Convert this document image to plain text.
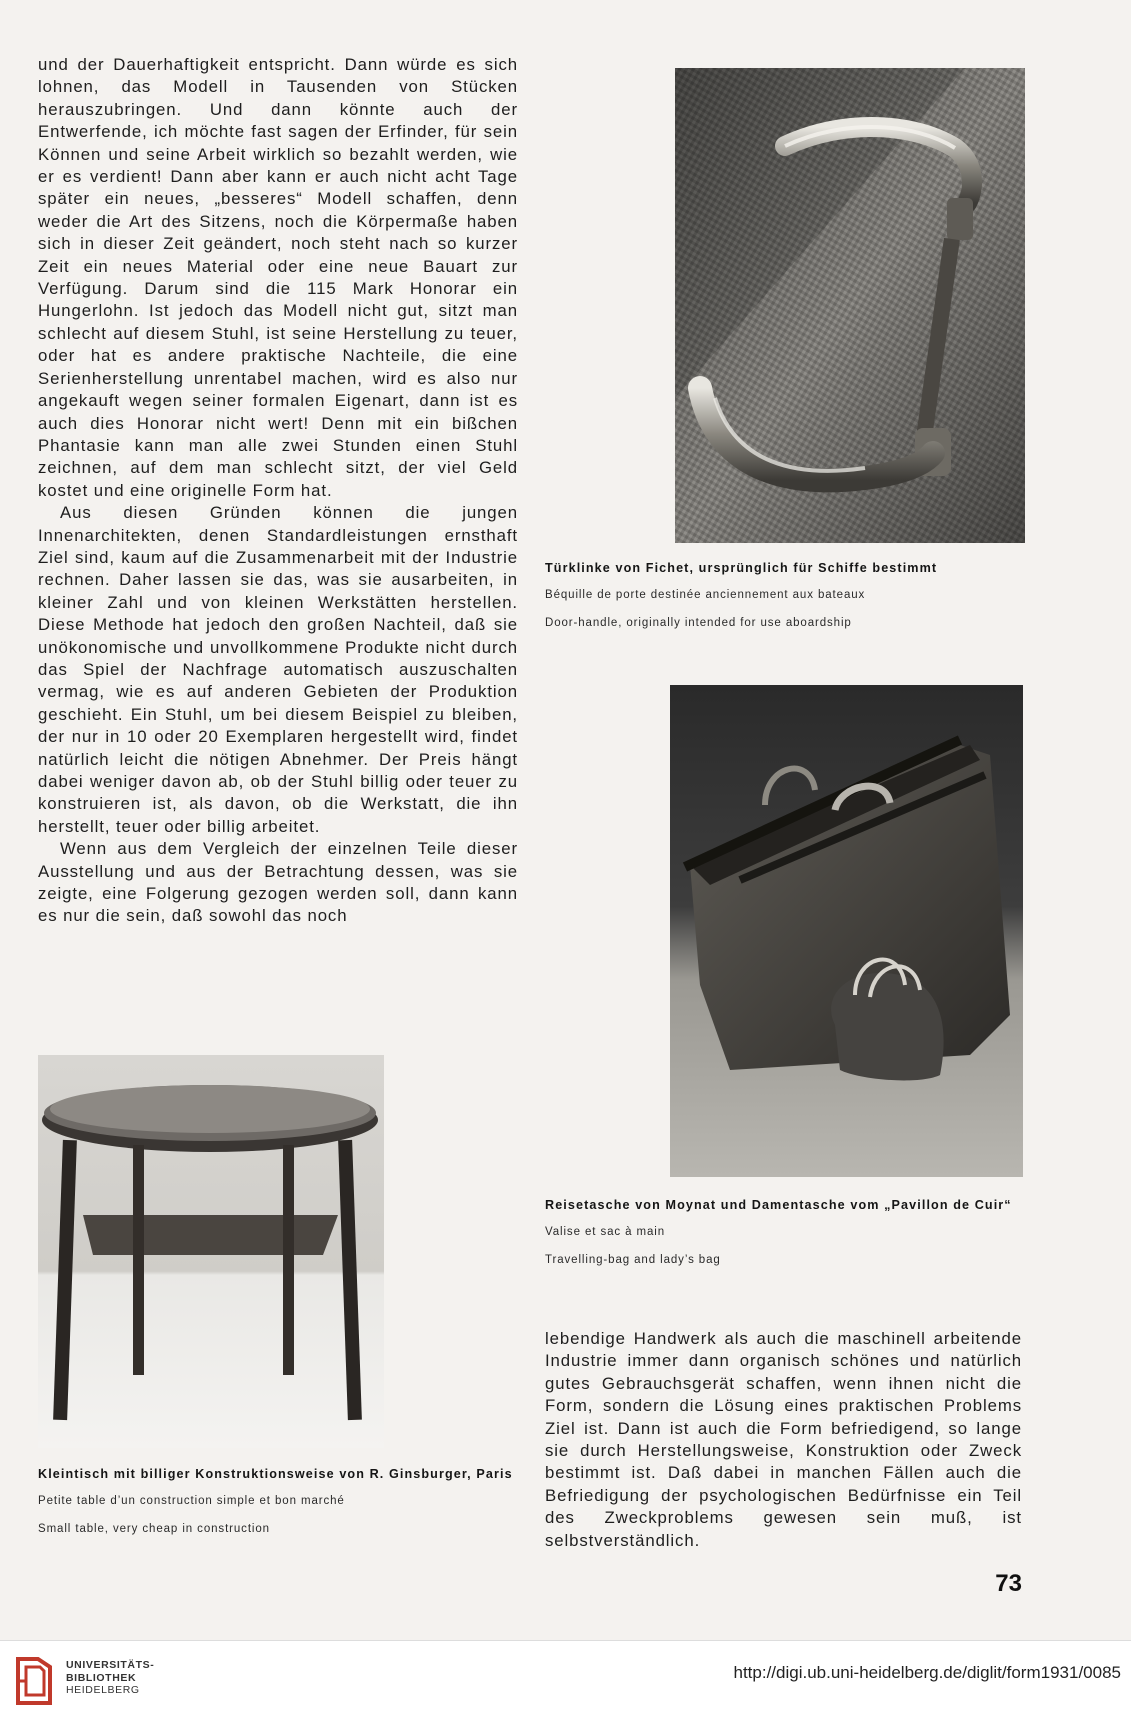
und der Dauerhaftigkeit entspricht. Dann würde es sich lohnen, das Modell in Tausenden von Stücken herauszubringen. Und dann könnte auch der Entwerfende, ich möchte fast sagen der Erfinder, für sein Können und seine Arbeit wirklich so bezahlt werden, wie er es verdient! Dann aber kann er auch nicht acht Tage später ein neues, „besseres“ Modell schaffen, denn weder die Art des Sitzens, noch die Körpermaße haben sich in dieser Zeit geändert, noch steht nach so kurzer Zeit ein neues Material oder eine neue Bauart zur Verfügung. Darum sind die 115 Mark Honorar ein Hungerlohn. Ist jedoch das Modell nicht gut, sitzt man schlecht auf diesem Stuhl, ist seine Herstellung zu teuer, oder hat es andere praktische Nachteile, die eine Serienherstellung unrentabel machen, wird es also nur angekauft wegen seiner formalen Eigenart, dann ist es auch dies Honorar nicht wert! Denn mit ein bißchen Phantasie kann man alle zwei Stunden einen Stuhl zeichnen, auf dem man schlecht sitzt, der viel Geld kostet und eine originelle Form hat.

Aus diesen Gründen können die jungen Innenarchitekten, denen Standardleistungen ernsthaft Ziel sind, kaum auf die Zusammenarbeit mit der Industrie rechnen. Daher lassen sie das, was sie ausarbeiten, in kleiner Zahl und von kleinen Werkstätten herstellen. Diese Methode hat jedoch den großen Nachteil, daß sie unökonomische und unvollkommene Produkte nicht durch das Spiel der Nachfrage automatisch auszuschalten vermag, wie es auf anderen Gebieten der Produktion geschieht. Ein Stuhl, um bei diesem Beispiel zu bleiben, der nur in 10 oder 20 Exemplaren hergestellt wird, findet natürlich leicht die nötigen Abnehmer. Der Preis hängt dabei weniger davon ab, ob der Stuhl billig oder teuer zu konstruieren ist, als davon, ob die Werkstatt, die ihn herstellt, teuer oder billig arbeitet.

Wenn aus dem Vergleich der einzelnen Teile dieser Ausstellung und aus der Betrachtung dessen, was sie zeigte, eine Folgerung gezogen werden soll, dann kann es nur die sein, daß sowohl das noch

Türklinke von Fichet, ursprünglich für Schiffe bestimmt
Béquille de porte destinée anciennement aux bateaux
Door-handle, originally intended for use aboardship
Reisetasche von Moynat und Damentasche vom „Pavillon de Cuir“
Valise et sac à main
Travelling-bag and lady’s bag
Kleintisch mit billiger Konstruktionsweise von R. Ginsburger, Paris
Petite table d’un construction simple et bon marché
Small table, very cheap in construction

lebendige Handwerk als auch die maschinell arbeitende Industrie immer dann organisch schönes und natürlich gutes Gebrauchsgerät schaffen, wenn ihnen nicht die Form, sondern die Lösung eines praktischen Problems Ziel ist. Dann ist auch die Form befriedigend, so lange sie durch Herstellungsweise, Konstruktion oder Zweck bestimmt ist. Daß dabei in manchen Fällen auch die Befriedigung der psychologischen Bedürfnisse ein Teil des Zweckproblems gewesen sein muß, ist selbstverständlich.

73
UNIVERSITÄTS-
BIBLIOTHEK
HEIDELBERG
http://digi.ub.uni-heidelberg.de/diglit/form1931/0085
